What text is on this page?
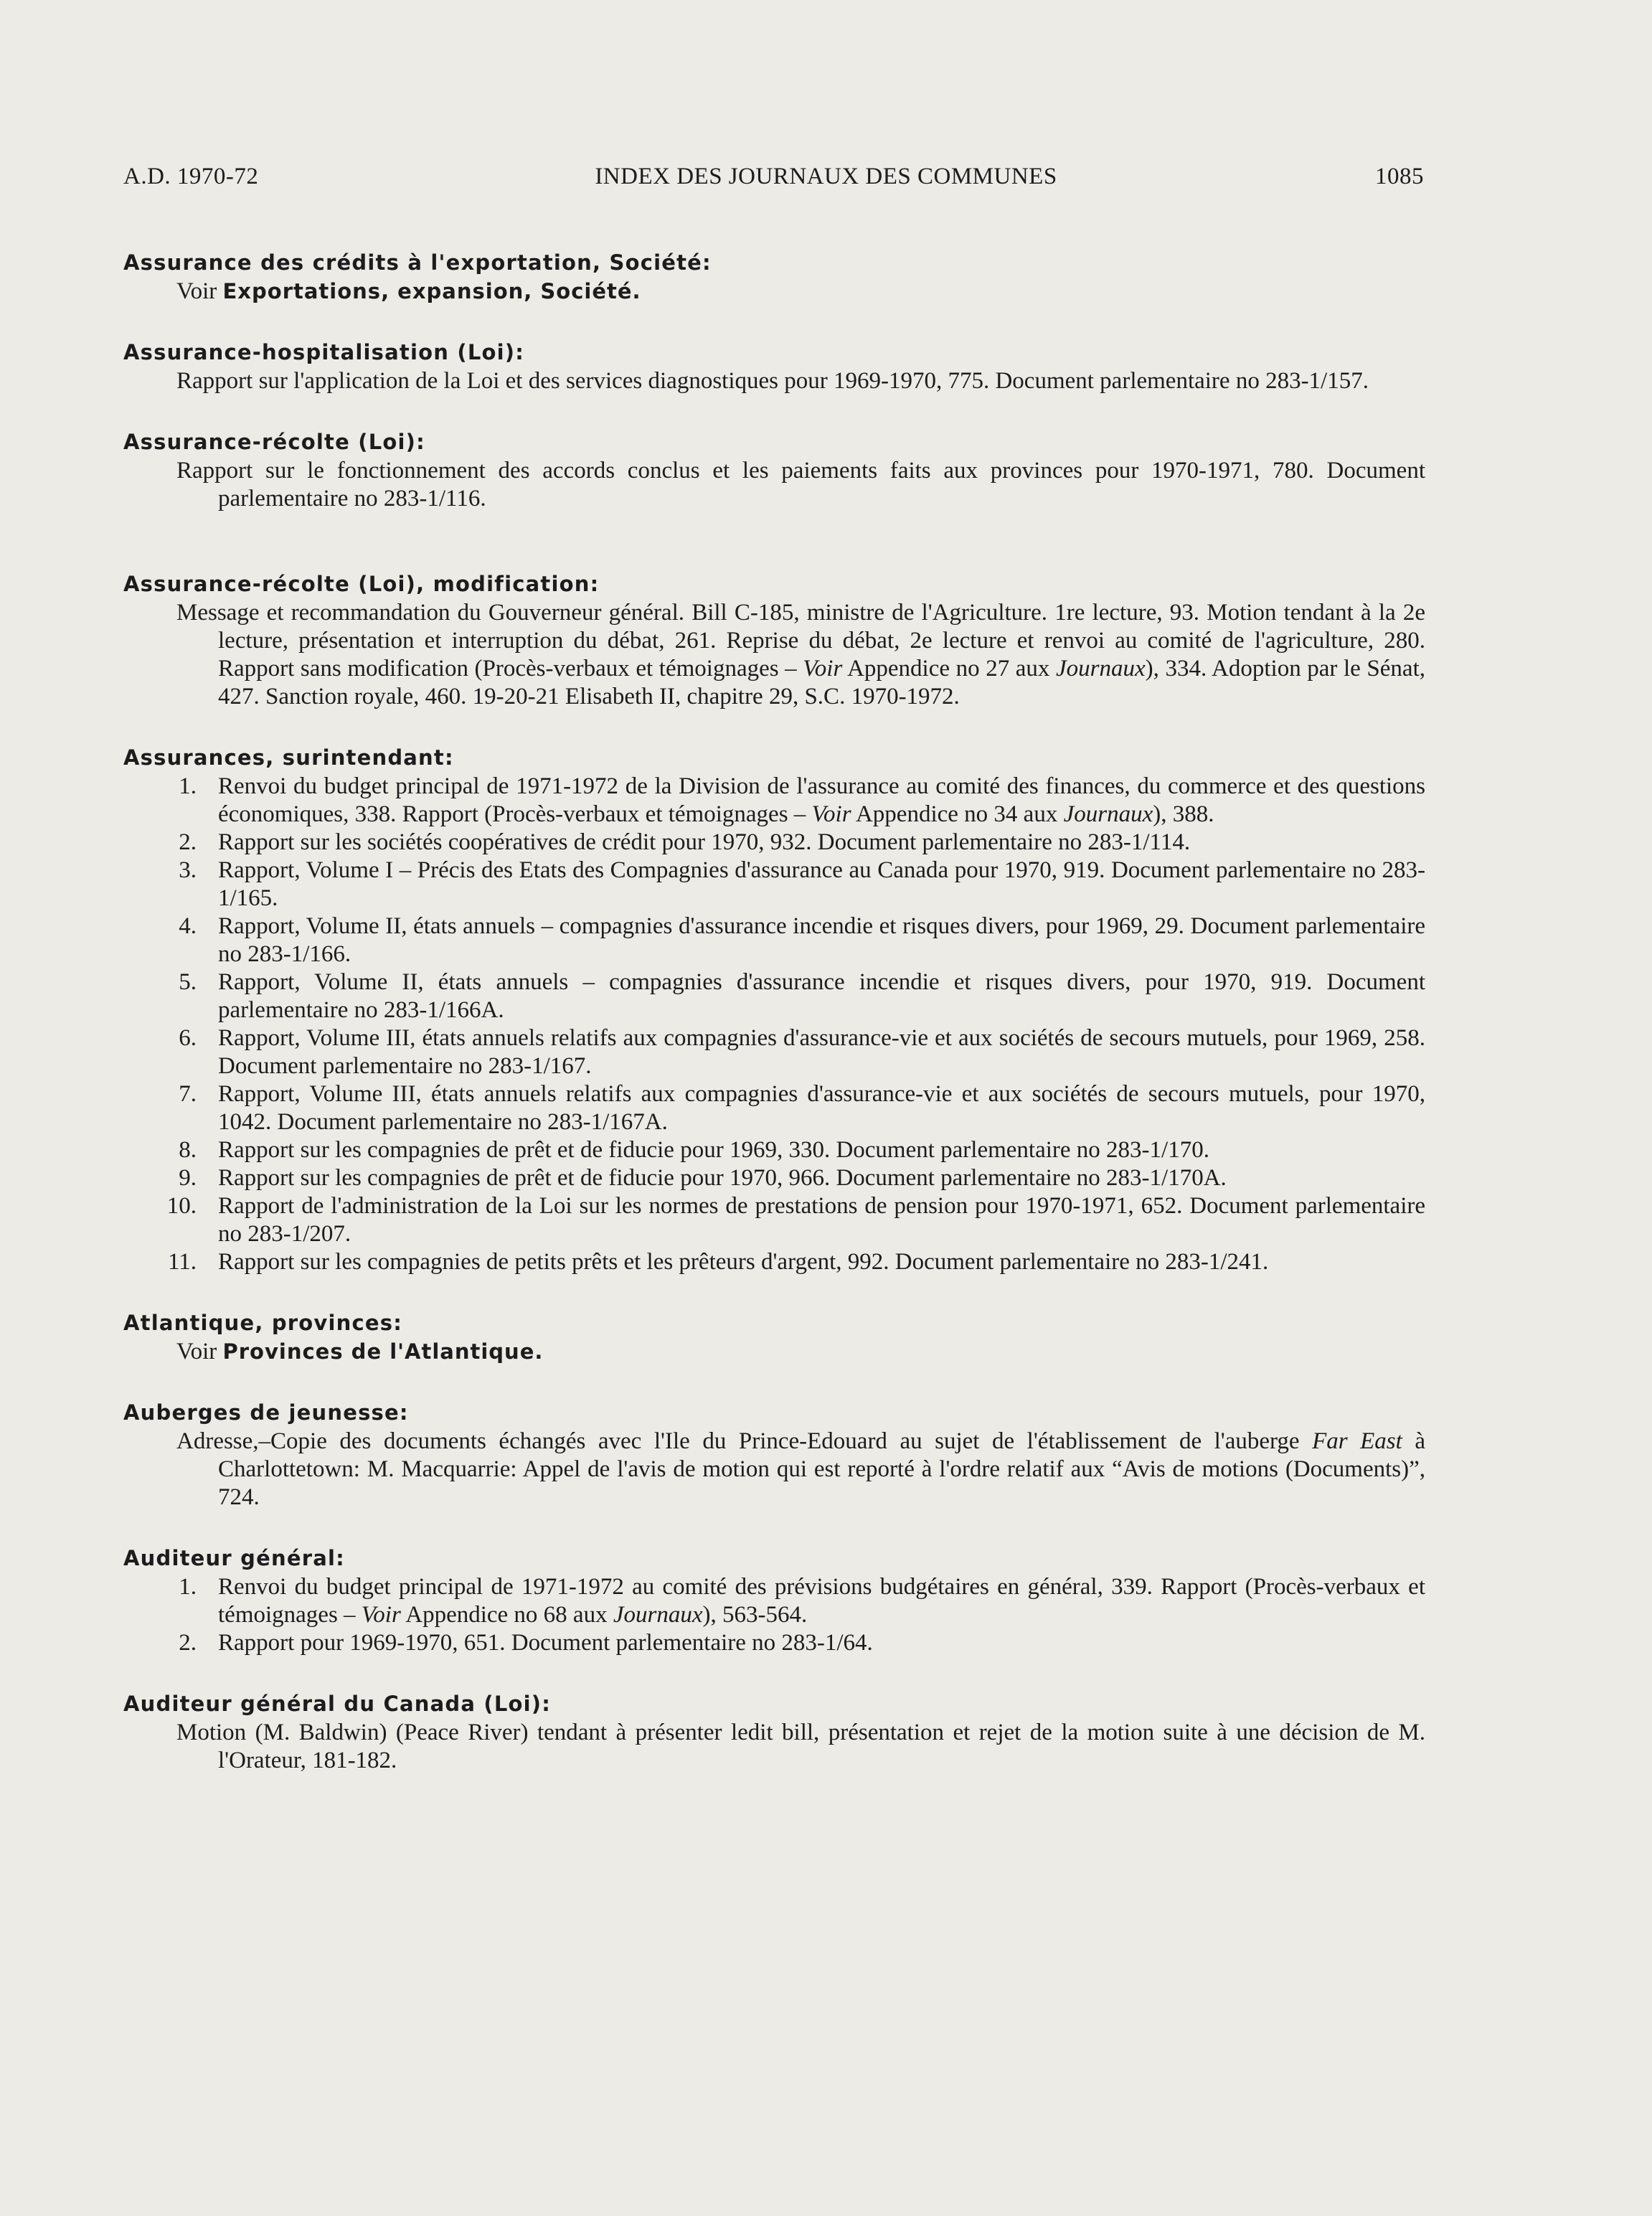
A.D. 1970-72	INDEX DES JOURNAUX DES COMMUNES	1085
Assurance des crédits à l'exportation, Société:

Voir Exportations, expansion, Société.

Assurance-hospitalisation (Loi):

Rapport sur l'application de la Loi et des services diagnostiques pour 1969-1970, 775. Document parlementaire no 283-1/157.

Assurance-récolte (Loi):

Rapport sur le fonctionnement des accords conclus et les paiements faits aux provinces pour 1970-1971, 780. Document parlementaire no 283-1/116.

Assurance-récolte (Loi), modification:

Message et recommandation du Gouverneur général. Bill C-185, ministre de l'Agriculture. 1re lecture, 93. Motion tendant à la 2e lecture, présentation et interruption du débat, 261. Reprise du débat, 2e lecture et renvoi au comité de l'agriculture, 280. Rapport sans modification (Procès-verbaux et témoignages – Voir Appendice no 27 aux Journaux), 334. Adoption par le Sénat, 427. Sanction royale, 460. 19-20-21 Elisabeth II, chapitre 29, S.C. 1970-1972.

Assurances, surintendant:
1. Renvoi du budget principal de 1971-1972 de la Division de l'assurance au comité des finances, du commerce et des questions économiques, 338. Rapport (Procès-verbaux et témoignages – Voir Appendice no 34 aux Journaux), 388.
2. Rapport sur les sociétés coopératives de crédit pour 1970, 932. Document parlementaire no 283-1/114.
3. Rapport, Volume I – Précis des Etats des Compagnies d'assurance au Canada pour 1970, 919. Document parlementaire no 283-1/165.
4. Rapport, Volume II, états annuels – compagnies d'assurance incendie et risques divers, pour 1969, 29. Document parlementaire no 283-1/166.
5. Rapport, Volume II, états annuels – compagnies d'assurance incendie et risques divers, pour 1970, 919. Document parlementaire no 283-1/166A.
6. Rapport, Volume III, états annuels relatifs aux compagnies d'assurance-vie et aux sociétés de secours mutuels, pour 1969, 258. Document parlementaire no 283-1/167.
7. Rapport, Volume III, états annuels relatifs aux compagnies d'assurance-vie et aux sociétés de secours mutuels, pour 1970, 1042. Document parlementaire no 283-1/167A.
8. Rapport sur les compagnies de prêt et de fiducie pour 1969, 330. Document parlementaire no 283-1/170.
9. Rapport sur les compagnies de prêt et de fiducie pour 1970, 966. Document parlementaire no 283-1/170A.
10. Rapport de l'administration de la Loi sur les normes de prestations de pension pour 1970-1971, 652. Document parlementaire no 283-1/207.
11. Rapport sur les compagnies de petits prêts et les prêteurs d'argent, 992. Document parlementaire no 283-1/241.
Atlantique, provinces:

Voir Provinces de l'Atlantique.

Auberges de jeunesse:

Adresse,–Copie des documents échangés avec l'Ile du Prince-Edouard au sujet de l'établissement de l'auberge Far East à Charlottetown: M. Macquarrie: Appel de l'avis de motion qui est reporté à l'ordre relatif aux “Avis de motions (Documents)”, 724.

Auditeur général:
1. Renvoi du budget principal de 1971-1972 au comité des prévisions budgétaires en général, 339. Rapport (Procès-verbaux et témoignages – Voir Appendice no 68 aux Journaux), 563-564.
2. Rapport pour 1969-1970, 651. Document parlementaire no 283-1/64.
Auditeur général du Canada (Loi):

Motion (M. Baldwin) (Peace River) tendant à présenter ledit bill, présentation et rejet de la motion suite à une décision de M. l'Orateur, 181-182.
